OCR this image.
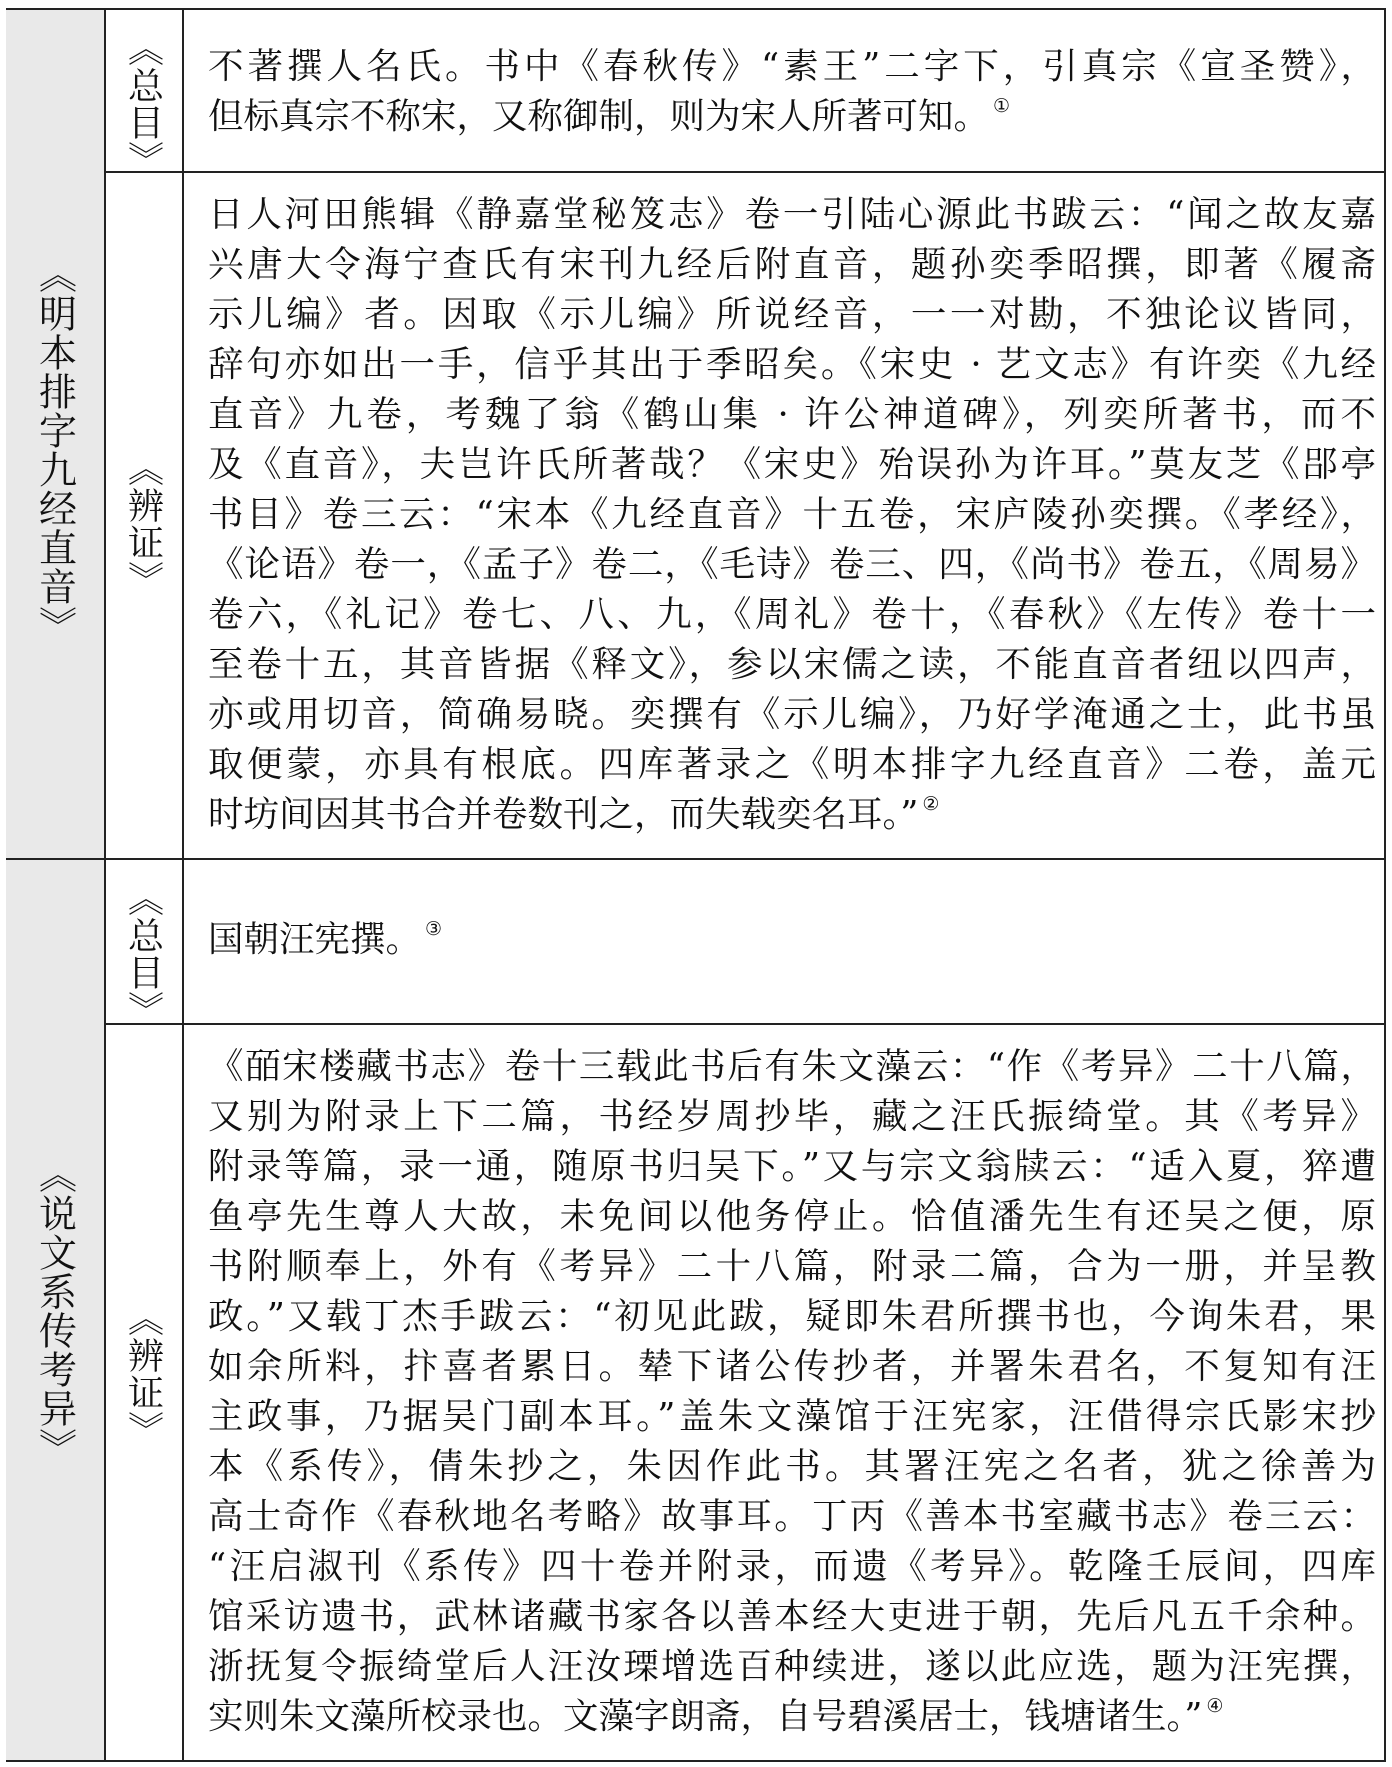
《明本排字九经直音》
《总目》
《辨证》
《说文系传考异》
《总目》
《辨证》
不著撰人名氏。书中《春秋传》“素王”二字下，引真宗《宣圣赞》，
但标真宗不称宋，又称御制，则为宋人所著可知。 ①
日人河田熊辑《静嘉堂秘笈志》卷一引陆心源此书跋云：“闻之故友嘉
兴唐大令海宁查氏有宋刊九经后附直音，题孙奕季昭撰，即著《履斋
示儿编》者。因取《示儿编》所说经音，一一对勘，不独论议皆同，
辞句亦如出一手，信乎其出于季昭矣。《宋史 · 艺文志》有许奕《九经
直音》九卷，考魏了翁《鹤山集 · 许公神道碑》，列奕所著书，而不
及《直音》，夫岂许氏所著哉？《宋史》殆误孙为许耳。”莫友芝《郘亭
书目》卷三云：“宋本《九经直音》十五卷，宋庐陵孙奕撰。《孝经》，
《论语》卷一，《孟子》卷二，《毛诗》卷三、四，《尚书》卷五，《周易》
卷六，《礼记》卷七、八、九，《周礼》卷十，《春秋》《左传》卷十一
至卷十五，其音皆据《释文》，参以宋儒之读，不能直音者纽以四声，
亦或用切音，简确易晓。奕撰有《示儿编》，乃好学淹通之士，此书虽
取便蒙，亦具有根底。四库著录之《明本排字九经直音》二卷，盖元
时坊间因其书合并卷数刊之，而失载奕名耳。” ②
国朝汪宪撰。 ③
《皕宋楼藏书志》卷十三载此书后有朱文藻云：“作《考异》二十八篇，
又别为附录上下二篇，书经岁周抄毕，藏之汪氏振绮堂。其《考异》
附录等篇，录一通，随原书归吴下。”又与宗文翁牍云：“适入夏，猝遭
鱼亭先生尊人大故，未免间以他务停止。恰值潘先生有还吴之便，原
书附顺奉上，外有《考异》二十八篇，附录二篇，合为一册，并呈教
政。”又载丁杰手跋云：“初见此跋，疑即朱君所撰书也，今询朱君，果
如余所料，抃喜者累日。辇下诸公传抄者，并署朱君名，不复知有汪
主政事，乃据吴门副本耳。”盖朱文藻馆于汪宪家，汪借得宗氏影宋抄
本《系传》，倩朱抄之，朱因作此书。其署汪宪之名者，犹之徐善为
高士奇作《春秋地名考略》故事耳。丁丙《善本书室藏书志》卷三云：
“汪启淑刊《系传》四十卷并附录，而遗《考异》。乾隆壬辰间，四库
馆采访遗书，武林诸藏书家各以善本经大吏进于朝，先后凡五千余种。
浙抚复令振绮堂后人汪汝瑮增选百种续进，遂以此应选，题为汪宪撰，
实则朱文藻所校录也。文藻字朗斋，自号碧溪居士，钱塘诸生。” ④
